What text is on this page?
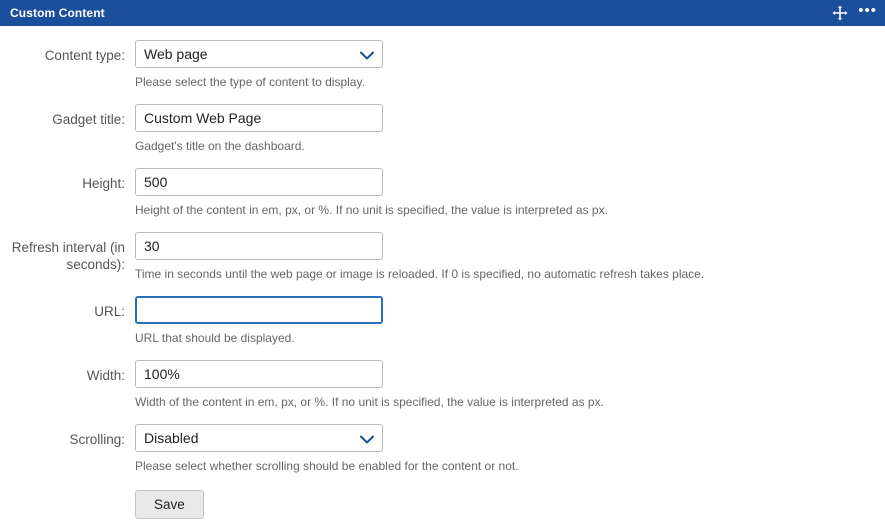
Custom Content	•••
Content type:
Web page
Please select the type of content to display.
Gadget title:
Custom Web Page
Gadget's title on the dashboard.
Height:
500
Height of the content in em, px, or %. If no unit is specified, the value is interpreted as px.
Refresh interval (in seconds):
30
Time in seconds until the web page or image is reloaded. If 0 is specified, no automatic refresh takes place.
URL:
URL that should be displayed.
Width:
100%
Width of the content in em, px, or %. If no unit is specified, the value is interpreted as px.
Scrolling:
Disabled
Please select whether scrolling should be enabled for the content or not.
Save
